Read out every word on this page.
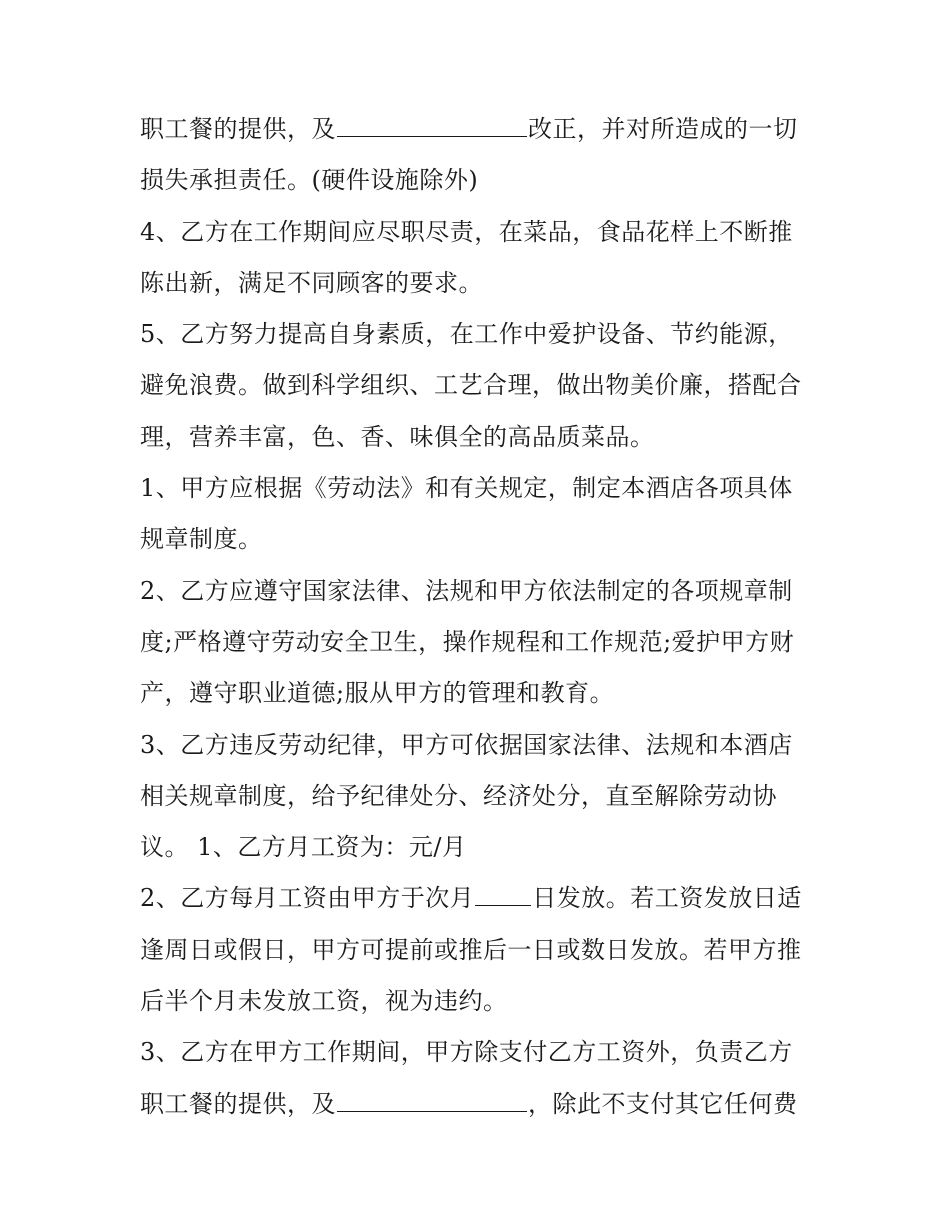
职工餐的提供，及	改正，并对所造成的一切
损失承担责任。(硬件设施除外)
4、乙方在工作期间应尽职尽责，在菜品，食品花样上不断推
陈出新，满足不同顾客的要求。
5、乙方努力提高自身素质，在工作中爱护设备、节约能源，
避免浪费。做到科学组织、工艺合理，做出物美价廉，搭配合
理，营养丰富，色、香、味俱全的高品质菜品。
1、甲方应根据《劳动法》和有关规定，制定本酒店各项具体
规章制度。
2、乙方应遵守国家法律、法规和甲方依法制定的各项规章制
度;严格遵守劳动安全卫生，操作规程和工作规范;爱护甲方财
产，遵守职业道德;服从甲方的管理和教育。
3、乙方违反劳动纪律，甲方可依据国家法律、法规和本酒店
相关规章制度，给予纪律处分、经济处分，直至解除劳动协
议。 1、乙方月工资为：元/月
2、乙方每月工资由甲方于次月 日发放。若工资发放日适
逢周日或假日，甲方可提前或推后一日或数日发放。若甲方推
后半个月未发放工资，视为违约。
3、乙方在甲方工作期间，甲方除支付乙方工资外，负责乙方
职工餐的提供，及	，除此不支付其它任何费
